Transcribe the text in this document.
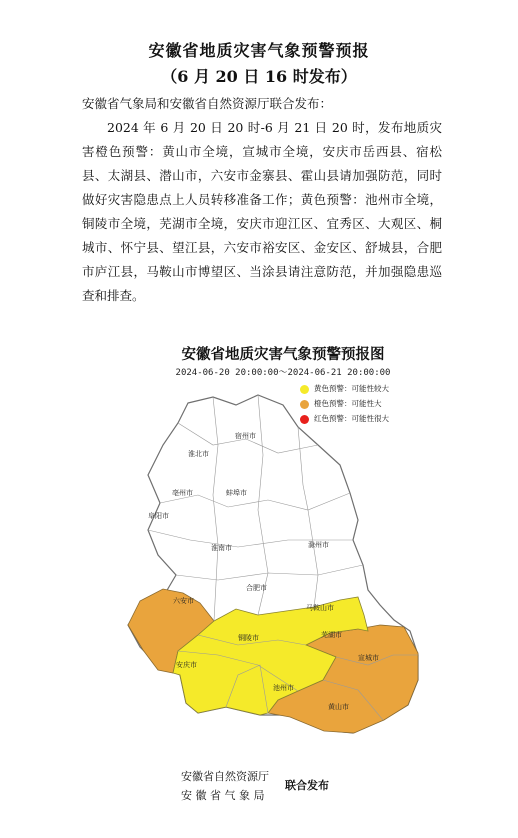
安徽省地质灾害气象预警预报
（6 月 20 日 16 时发布）
安徽省气象局和安徽省自然资源厅联合发布：
2024 年 6 月 20 日 20 时-6 月 21 日 20 时，发布地质灾害橙色预警：黄山市全境，宣城市全境，安庆市岳西县、宿松县、太湖县、潜山市，六安市金寨县、霍山县请加强防范，同时做好灾害隐患点上人员转移准备工作；黄色预警：池州市全境，铜陵市全境，芜湖市全境，安庆市迎江区、宜秀区、大观区、桐城市、怀宁县、望江县，六安市裕安区、金安区、舒城县，合肥市庐江县，马鞍山市博望区、当涂县请注意防范，并加强隐患巡查和排查。
安徽省地质灾害气象预警预报图
2024-06-20 20:00:00～2024-06-21 20:00:00
宿州市
淮北市
亳州市	蚌埠市
阜阳市
淮南市	滁州市
六安市
合肥市
马鞍山市
芜湖市
铜陵市
安庆市
宣城市
池州市
黄山市
黄色预警：可能性较大
橙色预警：可能性大
红色预警：可能性很大
安徽省自然资源厅
安 徽 省 气 象 局
联合发布
